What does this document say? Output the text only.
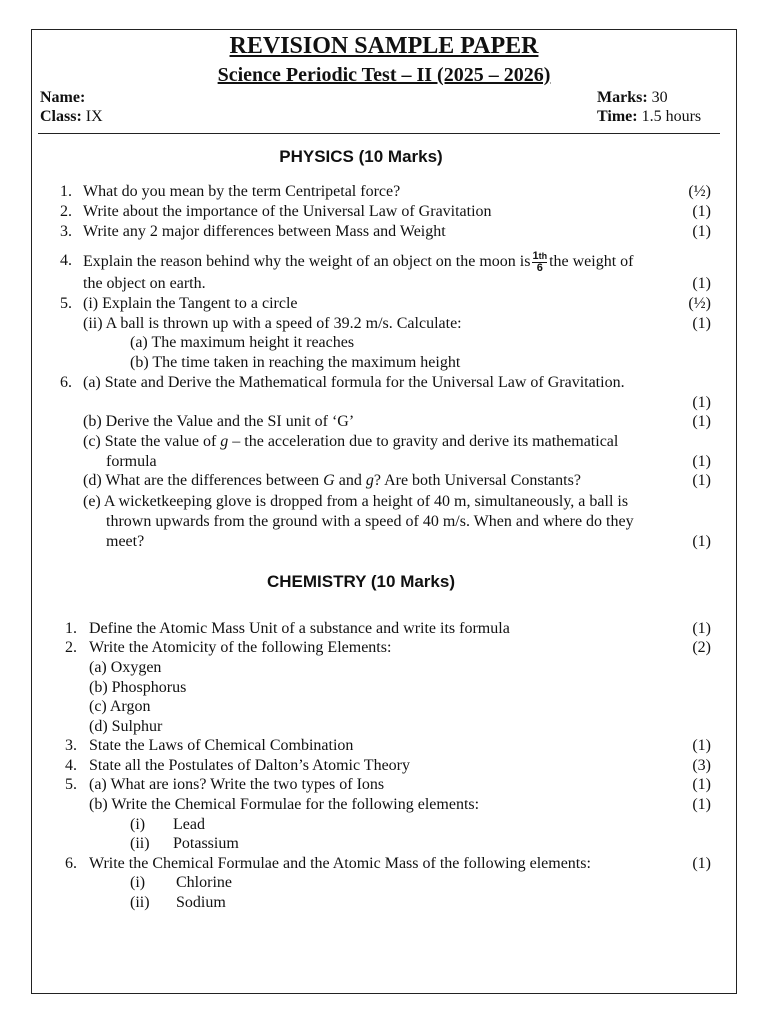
REVISION SAMPLE PAPER
Science Periodic Test – II (2025 – 2026)
Name:
Class: IX
Marks: 30
Time: 1.5 hours
PHYSICS (10 Marks)
1. What do you mean by the term Centripetal force?	(½)
2. Write about the importance of the Universal Law of Gravitation	(1)
3. Write any 2 major differences between Mass and Weight	(1)
4. Explain the reason behind why the weight of an object on the moon is $\frac{1^{th}}{6}$ the weight of
the object on earth.	(1)
5. (i) Explain the Tangent to a circle	(½)
(ii) A ball is thrown up with a speed of 39.2 m/s. Calculate:	(1)
(a) The maximum height it reaches
(b) The time taken in reaching the maximum height
6. (a) State and Derive the Mathematical formula for the Universal Law of Gravitation.
(1)
(b) Derive the Value and the SI unit of ‘G’	(1)
(c) State the value of g – the acceleration due to gravity and derive its mathematical
formula	(1)
(d) What are the differences between G and g? Are both Universal Constants?	(1)
(e) A wicketkeeping glove is dropped from a height of 40 m, simultaneously, a ball is
thrown upwards from the ground with a speed of 40 m/s. When and where do they
meet?	(1)
CHEMISTRY (10 Marks)
1. Define the Atomic Mass Unit of a substance and write its formula	(1)
2. Write the Atomicity of the following Elements:	(2)
(a) Oxygen
(b) Phosphorus
(c) Argon
(d) Sulphur
3. State the Laws of Chemical Combination	(1)
4. State all the Postulates of Dalton’s Atomic Theory	(3)
5. (a) What are ions? Write the two types of Ions	(1)
(b) Write the Chemical Formulae for the following elements:	(1)
(i) Lead
(ii) Potassium
6. Write the Chemical Formulae and the Atomic Mass of the following elements:	(1)
(i) Chlorine
(ii) Sodium
